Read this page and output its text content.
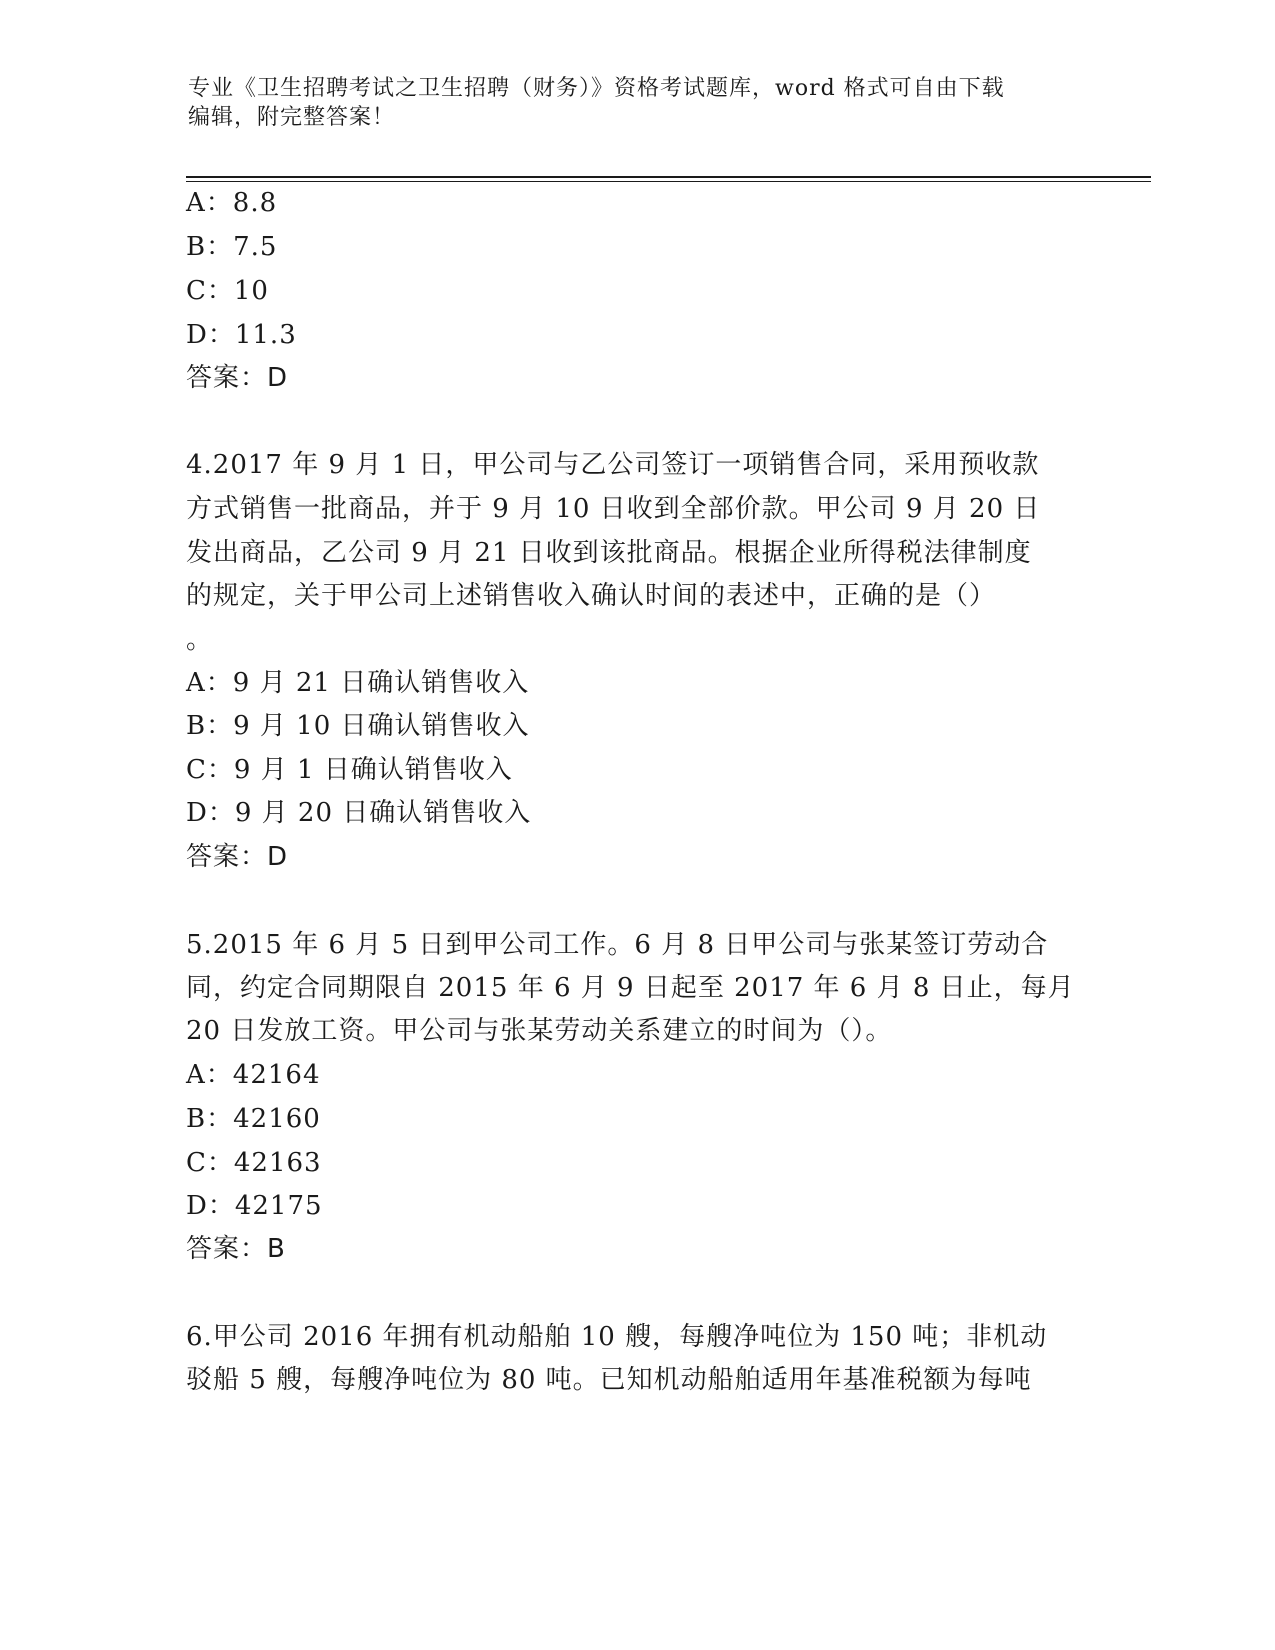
专业《卫生招聘考试之卫生招聘（财务）》资格考试题库，word 格式可自由下载
编辑，附完整答案！
A：8.8
B：7.5
C：10
D：11.3
答案：D
4.2017 年 9 月 1 日，甲公司与乙公司签订一项销售合同，采用预收款
方式销售一批商品，并于 9 月 10 日收到全部价款。甲公司 9 月 20 日
发出商品，乙公司 9 月 21 日收到该批商品。根据企业所得税法律制度
的规定，关于甲公司上述销售收入确认时间的表述中，正确的是（）
。
A：9 月 21 日确认销售收入
B：9 月 10 日确认销售收入
C：9 月 1 日确认销售收入
D：9 月 20 日确认销售收入
答案：D
5.2015 年 6 月 5 日到甲公司工作。6 月 8 日甲公司与张某签订劳动合
同，约定合同期限自 2015 年 6 月 9 日起至 2017 年 6 月 8 日止，每月
20 日发放工资。甲公司与张某劳动关系建立的时间为（）。
A：42164
B：42160
C：42163
D：42175
答案：B
6.甲公司 2016 年拥有机动船舶 10 艘，每艘净吨位为 150 吨；非机动
驳船 5 艘，每艘净吨位为 80 吨。已知机动船舶适用年基准税额为每吨
